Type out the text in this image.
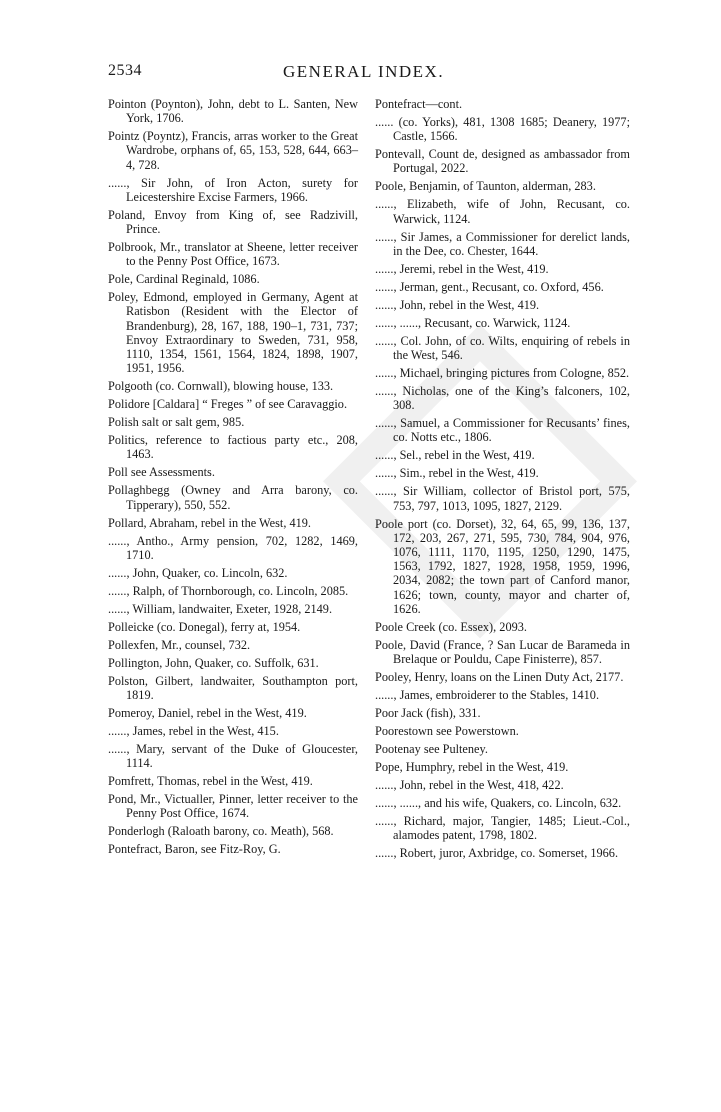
2534	GENERAL INDEX.

Pointon (Poynton), John, debt to L. Santen, New York, 1706.

Pointz (Poyntz), Francis, arras worker to the Great Wardrobe, orphans of, 65, 153, 528, 644, 663–4, 728.

......, Sir John, of Iron Acton, surety for Leicestershire Excise Farmers, 1966.

Poland, Envoy from King of, see Radzivill, Prince.

Polbrook, Mr., translator at Sheene, letter receiver to the Penny Post Office, 1673.

Pole, Cardinal Reginald, 1086.

Poley, Edmond, employed in Germany, Agent at Ratisbon (Resident with the Elector of Brandenburg), 28, 167, 188, 190–1, 731, 737; Envoy Extraordinary to Sweden, 731, 958, 1110, 1354, 1561, 1564, 1824, 1898, 1907, 1951, 1956.

Polgooth (co. Cornwall), blowing house, 133.

Polidore [Caldara] “ Freges ” of see Caravaggio.

Polish salt or salt gem, 985.

Politics, reference to factious party etc., 208, 1463.

Poll see Assessments.

Pollaghbegg (Owney and Arra barony, co. Tipperary), 550, 552.

Pollard, Abraham, rebel in the West, 419.

......, Antho., Army pension, 702, 1282, 1469, 1710.

......, John, Quaker, co. Lincoln, 632.

......, Ralph, of Thornborough, co. Lincoln, 2085.

......, William, landwaiter, Exeter, 1928, 2149.

Polleicke (co. Donegal), ferry at, 1954.

Pollexfen, Mr., counsel, 732.

Pollington, John, Quaker, co. Suffolk, 631.

Polston, Gilbert, landwaiter, Southampton port, 1819.

Pomeroy, Daniel, rebel in the West, 419.

......, James, rebel in the West, 415.

......, Mary, servant of the Duke of Gloucester, 1114.

Pomfrett, Thomas, rebel in the West, 419.

Pond, Mr., Victualler, Pinner, letter receiver to the Penny Post Office, 1674.

Ponderlogh (Raloath barony, co. Meath), 568.

Pontefract, Baron, see Fitz-Roy, G.

Pontefract—cont.

...... (co. Yorks), 481, 1308 1685; Deanery, 1977; Castle, 1566.

Pontevall, Count de, designed as ambassador from Portugal, 2022.

Poole, Benjamin, of Taunton, alderman, 283.

......, Elizabeth, wife of John, Recusant, co. Warwick, 1124.

......, Sir James, a Commissioner for derelict lands, in the Dee, co. Chester, 1644.

......, Jeremi, rebel in the West, 419.

......, Jerman, gent., Recusant, co. Oxford, 456.

......, John, rebel in the West, 419.

......, ......, Recusant, co. Warwick, 1124.

......, Col. John, of co. Wilts, enquiring of rebels in the West, 546.

......, Michael, bringing pictures from Cologne, 852.

......, Nicholas, one of the King’s falconers, 102, 308.

......, Samuel, a Commissioner for Recusants’ fines, co. Notts etc., 1806.

......, Sel., rebel in the West, 419.

......, Sim., rebel in the West, 419.

......, Sir William, collector of Bristol port, 575, 753, 797, 1013, 1095, 1827, 2129.

Poole port (co. Dorset), 32, 64, 65, 99, 136, 137, 172, 203, 267, 271, 595, 730, 784, 904, 976, 1076, 1111, 1170, 1195, 1250, 1290, 1475, 1563, 1792, 1827, 1928, 1958, 1959, 1996, 2034, 2082; the town part of Canford manor, 1626; town, county, mayor and charter of, 1626.

Poole Creek (co. Essex), 2093.

Poole, David (France, ? San Lucar de Barameda in Brelaque or Pouldu, Cape Finisterre), 857.

Pooley, Henry, loans on the Linen Duty Act, 2177.

......, James, embroiderer to the Stables, 1410.

Poor Jack (fish), 331.

Poorestown see Powerstown.

Pootenay see Pulteney.

Pope, Humphry, rebel in the West, 419.

......, John, rebel in the West, 418, 422.

......, ......, and his wife, Quakers, co. Lincoln, 632.

......, Richard, major, Tangier, 1485; Lieut.-Col., alamodes patent, 1798, 1802.

......, Robert, juror, Axbridge, co. Somerset, 1966.
